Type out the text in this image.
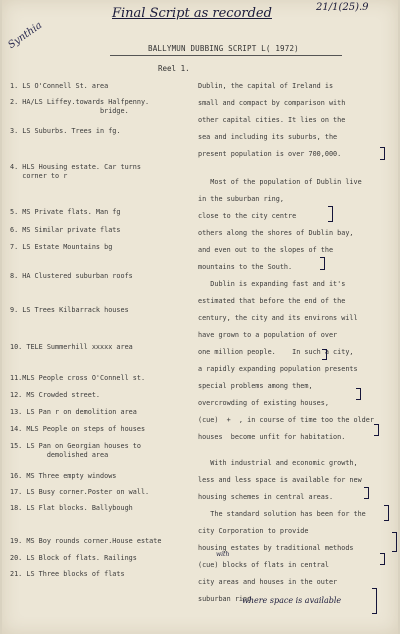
Final Script as recorded	21/1(25).9
Synthia	BALLYMUN DUBBING SCRIPT L( 1972)
Reel 1.
1. LS O'Connell St. area
2. HA/LS Liffey.towards Halfpenny.
bridge.
3. LS Suburbs. Trees in fg.
4. HLS Housing estate. Car turns
corner to r
5. MS Private flats. Man fg
6. MS Similar private flats
7. LS Estate Mountains bg
8. HA Clustered suburban roofs
9. LS Trees Kilbarrack houses
10. TELE Summerhill xxxxx area
11.MLS People cross O'Connell st.
12. MS Crowded street.
13. LS Pan r on demolition area
14. MLS People on steps of houses
15. LS Pan on Georgian houses to
demolished area
16. MS Three empty windows
17. LS Busy corner.Poster on wall.
18. LS Flat blocks. Ballybough
19. MS Boy rounds corner.House estate
20. LS Block of flats. Railings
21. LS Three blocks of flats
Dublin, the capital of Ireland is
small and compact by comparison with
other capital cities. It lies on the
sea and including its suburbs, the
present population is over 700,000.
Most of the population of Dublin live
in the suburban ring,
close to the city centre
others along the shores of Dublin bay,
and even out to the slopes of the
mountains to the South.
Dublin is expanding fast and it's
estimated that before the end of the
century, the city and its environs will
have grown to a population of over
one million people.    In such a city,
a rapidly expanding population presents
special problems among them,
overcrowding of existing houses,
(cue)  +  , in course of time too the older
houses  become unfit for habitation.
With industrial and economic growth,
less and less space is available for new
housing schemes in central areas.
The standard solution has been for the
city Corporation to provide
housing estates by traditional methods
(cue) blocks of flats in central
city areas and houses in the outer
suburban ring
where space is available
with
